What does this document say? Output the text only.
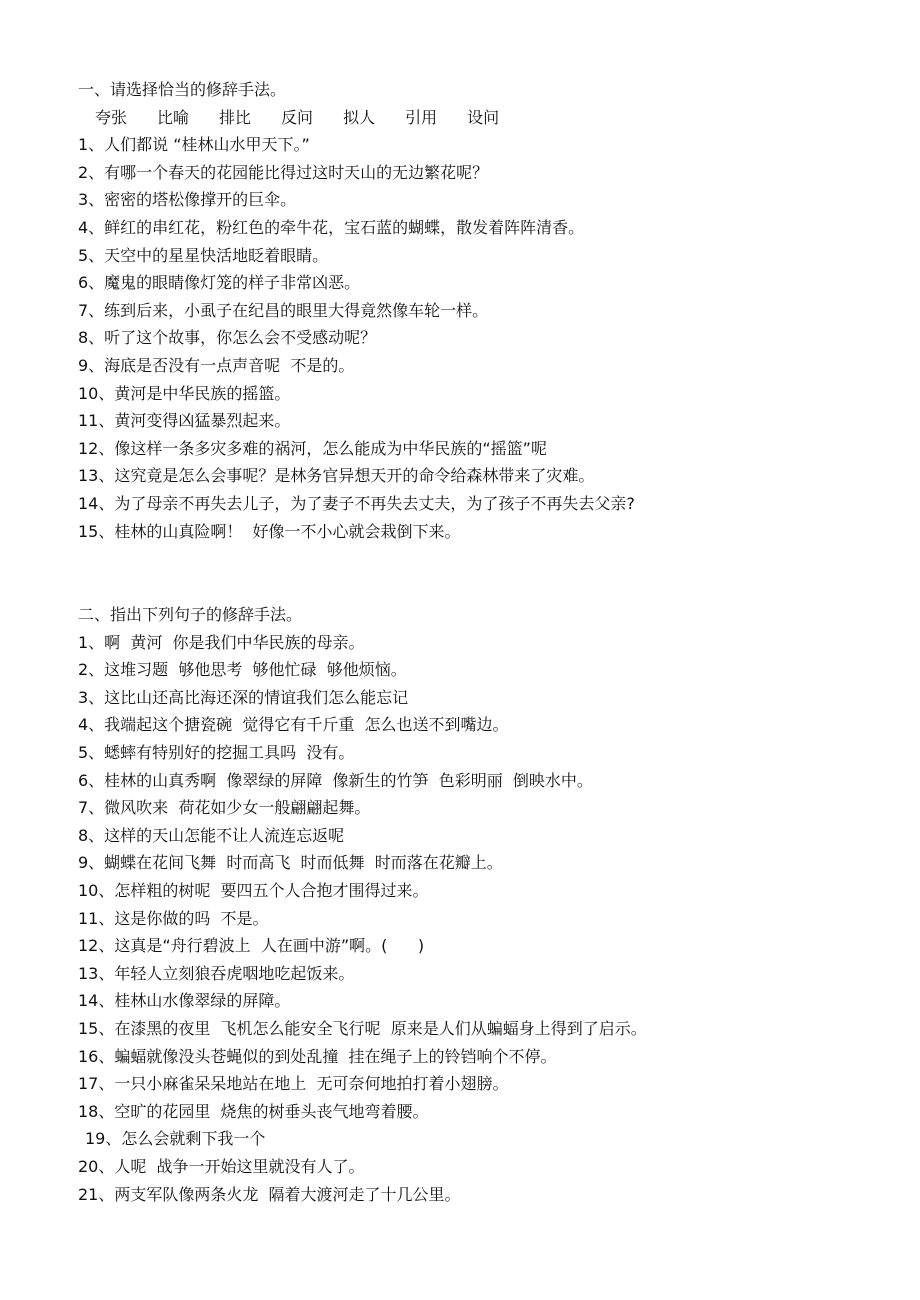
一、请选择恰当的修辞手法。
夸张 比喻 排比 反问 拟人 引用 设问
1、人们都说 “桂林山水甲天下。”
2、有哪一个春天的花园能比得过这时天山的无边繁花呢？
3、密密的塔松像撑开的巨伞。
4、鲜红的串红花，粉红色的牵牛花，宝石蓝的蝴蝶，散发着阵阵清香。
5、天空中的星星快活地眨着眼睛。
6、魔鬼的眼睛像灯笼的样子非常凶恶。
7、练到后来，小虱子在纪昌的眼里大得竟然像车轮一样。
8、听了这个故事，你怎么会不受感动呢？
9、海底是否没有一点声音呢  不是的。
10、黄河是中华民族的摇篮。
11、黄河变得凶猛暴烈起来。
12、像这样一条多灾多难的祸河，怎么能成为中华民族的“摇篮”呢
13、这究竟是怎么会事呢？是林务官异想天开的命令给森林带来了灾难。
14、为了母亲不再失去儿子，为了妻子不再失去丈夫，为了孩子不再失去父亲?
15、桂林的山真险啊！  好像一不小心就会栽倒下来。
二、指出下列句子的修辞手法。
1、啊  黄河  你是我们中华民族的母亲。
2、这堆习题  够他思考  够他忙碌  够他烦恼。
3、这比山还高比海还深的情谊我们怎么能忘记
4、我端起这个搪瓷碗  觉得它有千斤重  怎么也送不到嘴边。
5、蟋蟀有特别好的挖掘工具吗  没有。
6、桂林的山真秀啊  像翠绿的屏障  像新生的竹笋  色彩明丽  倒映水中。
7、微风吹来  荷花如少女一般翩翩起舞。
8、这样的天山怎能不让人流连忘返呢
9、蝴蝶在花间飞舞  时而高飞  时而低舞  时而落在花瓣上。
10、怎样粗的树呢  要四五个人合抱才围得过来。
11、这是你做的吗  不是。
12、这真是“舟行碧波上  人在画中游”啊。(      )
13、年轻人立刻狼吞虎咽地吃起饭来。
14、桂林山水像翠绿的屏障。
15、在漆黑的夜里  飞机怎么能安全飞行呢  原来是人们从蝙蝠身上得到了启示。
16、蝙蝠就像没头苍蝇似的到处乱撞  挂在绳子上的铃铛响个不停。
17、一只小麻雀呆呆地站在地上  无可奈何地拍打着小翅膀。
18、空旷的花园里  烧焦的树垂头丧气地弯着腰。
19、怎么会就剩下我一个
20、人呢  战争一开始这里就没有人了。
21、两支军队像两条火龙  隔着大渡河走了十几公里。
